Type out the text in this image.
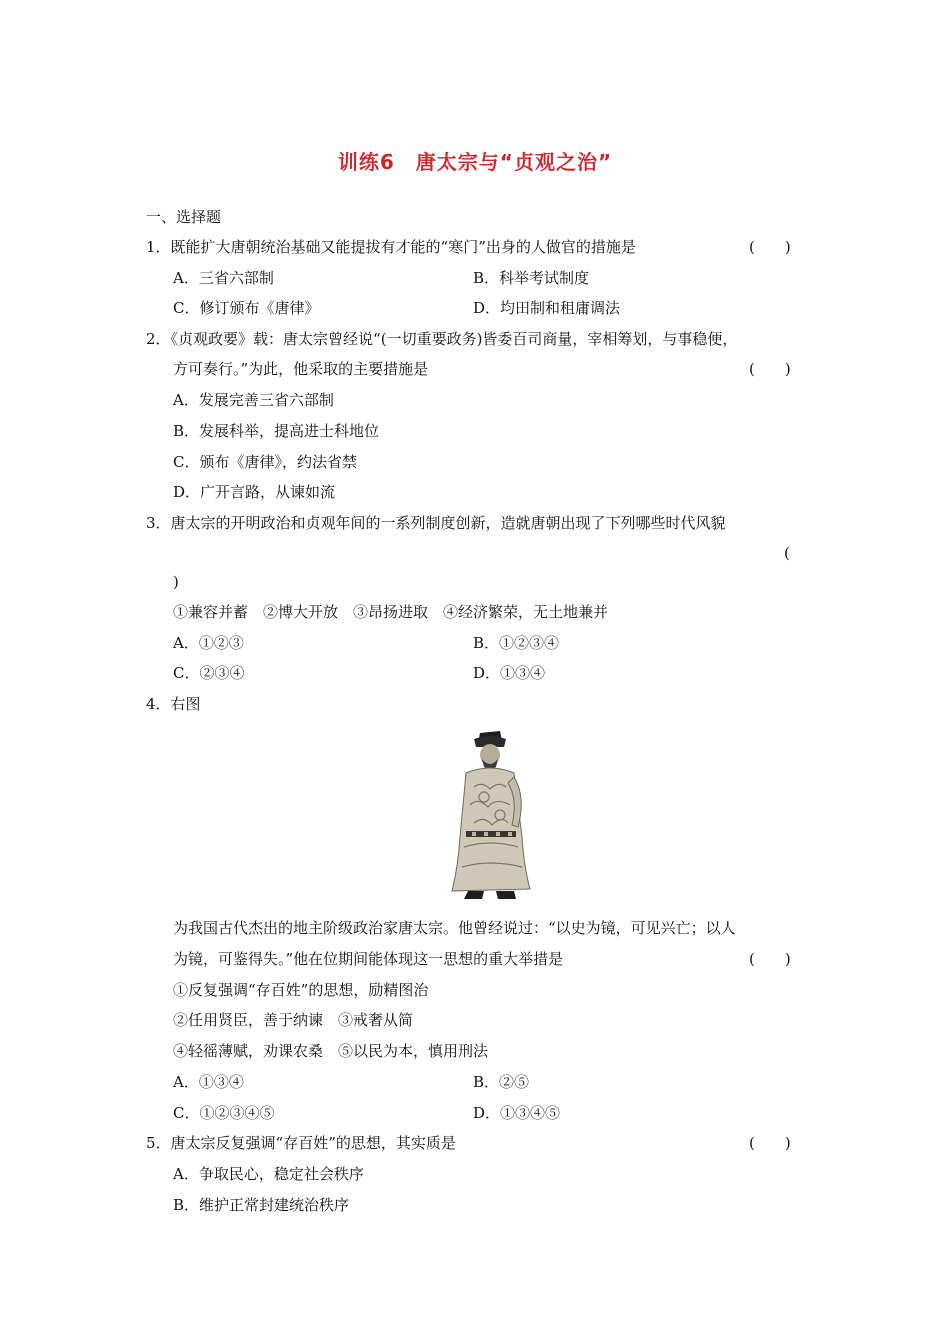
训练6　唐太宗与“贞观之治”
一、选择题
1．既能扩大唐朝统治基础又能提拔有才能的“寒门”出身的人做官的措施是	(　　)
A．三省六部制	B．科举考试制度
C．修订颁布《唐律》	D．均田制和租庸调法
2．《贞观政要》载：唐太宗曾经说“(一切重要政务)皆委百司商量，宰相筹划，与事稳便，
方可奏行。”为此，他采取的主要措施是	(　　)
A．发展完善三省六部制
B．发展科举，提高进士科地位
C．颁布《唐律》，约法省禁
D．广开言路，从谏如流
3．唐太宗的开明政治和贞观年间的一系列制度创新，造就唐朝出现了下列哪些时代风貌
(
)
①兼容并蓄　②博大开放　③昂扬进取　④经济繁荣，无土地兼并
A．①②③	B．①②③④
C．②③④	D．①③④
4．右图
为我国古代杰出的地主阶级政治家唐太宗。他曾经说过：“以史为镜，可见兴亡；以人
为镜，可鉴得失。”他在位期间能体现这一思想的重大举措是	(　　)
①反复强调“存百姓”的思想，励精图治
②任用贤臣，善于纳谏　③戒奢从简
④轻徭薄赋，劝课农桑　⑤以民为本，慎用刑法
A．①③④	B．②⑤
C．①②③④⑤	D．①③④⑤
5．唐太宗反复强调“存百姓”的思想，其实质是	(　　)
A．争取民心，稳定社会秩序
B．维护正常封建统治秩序
